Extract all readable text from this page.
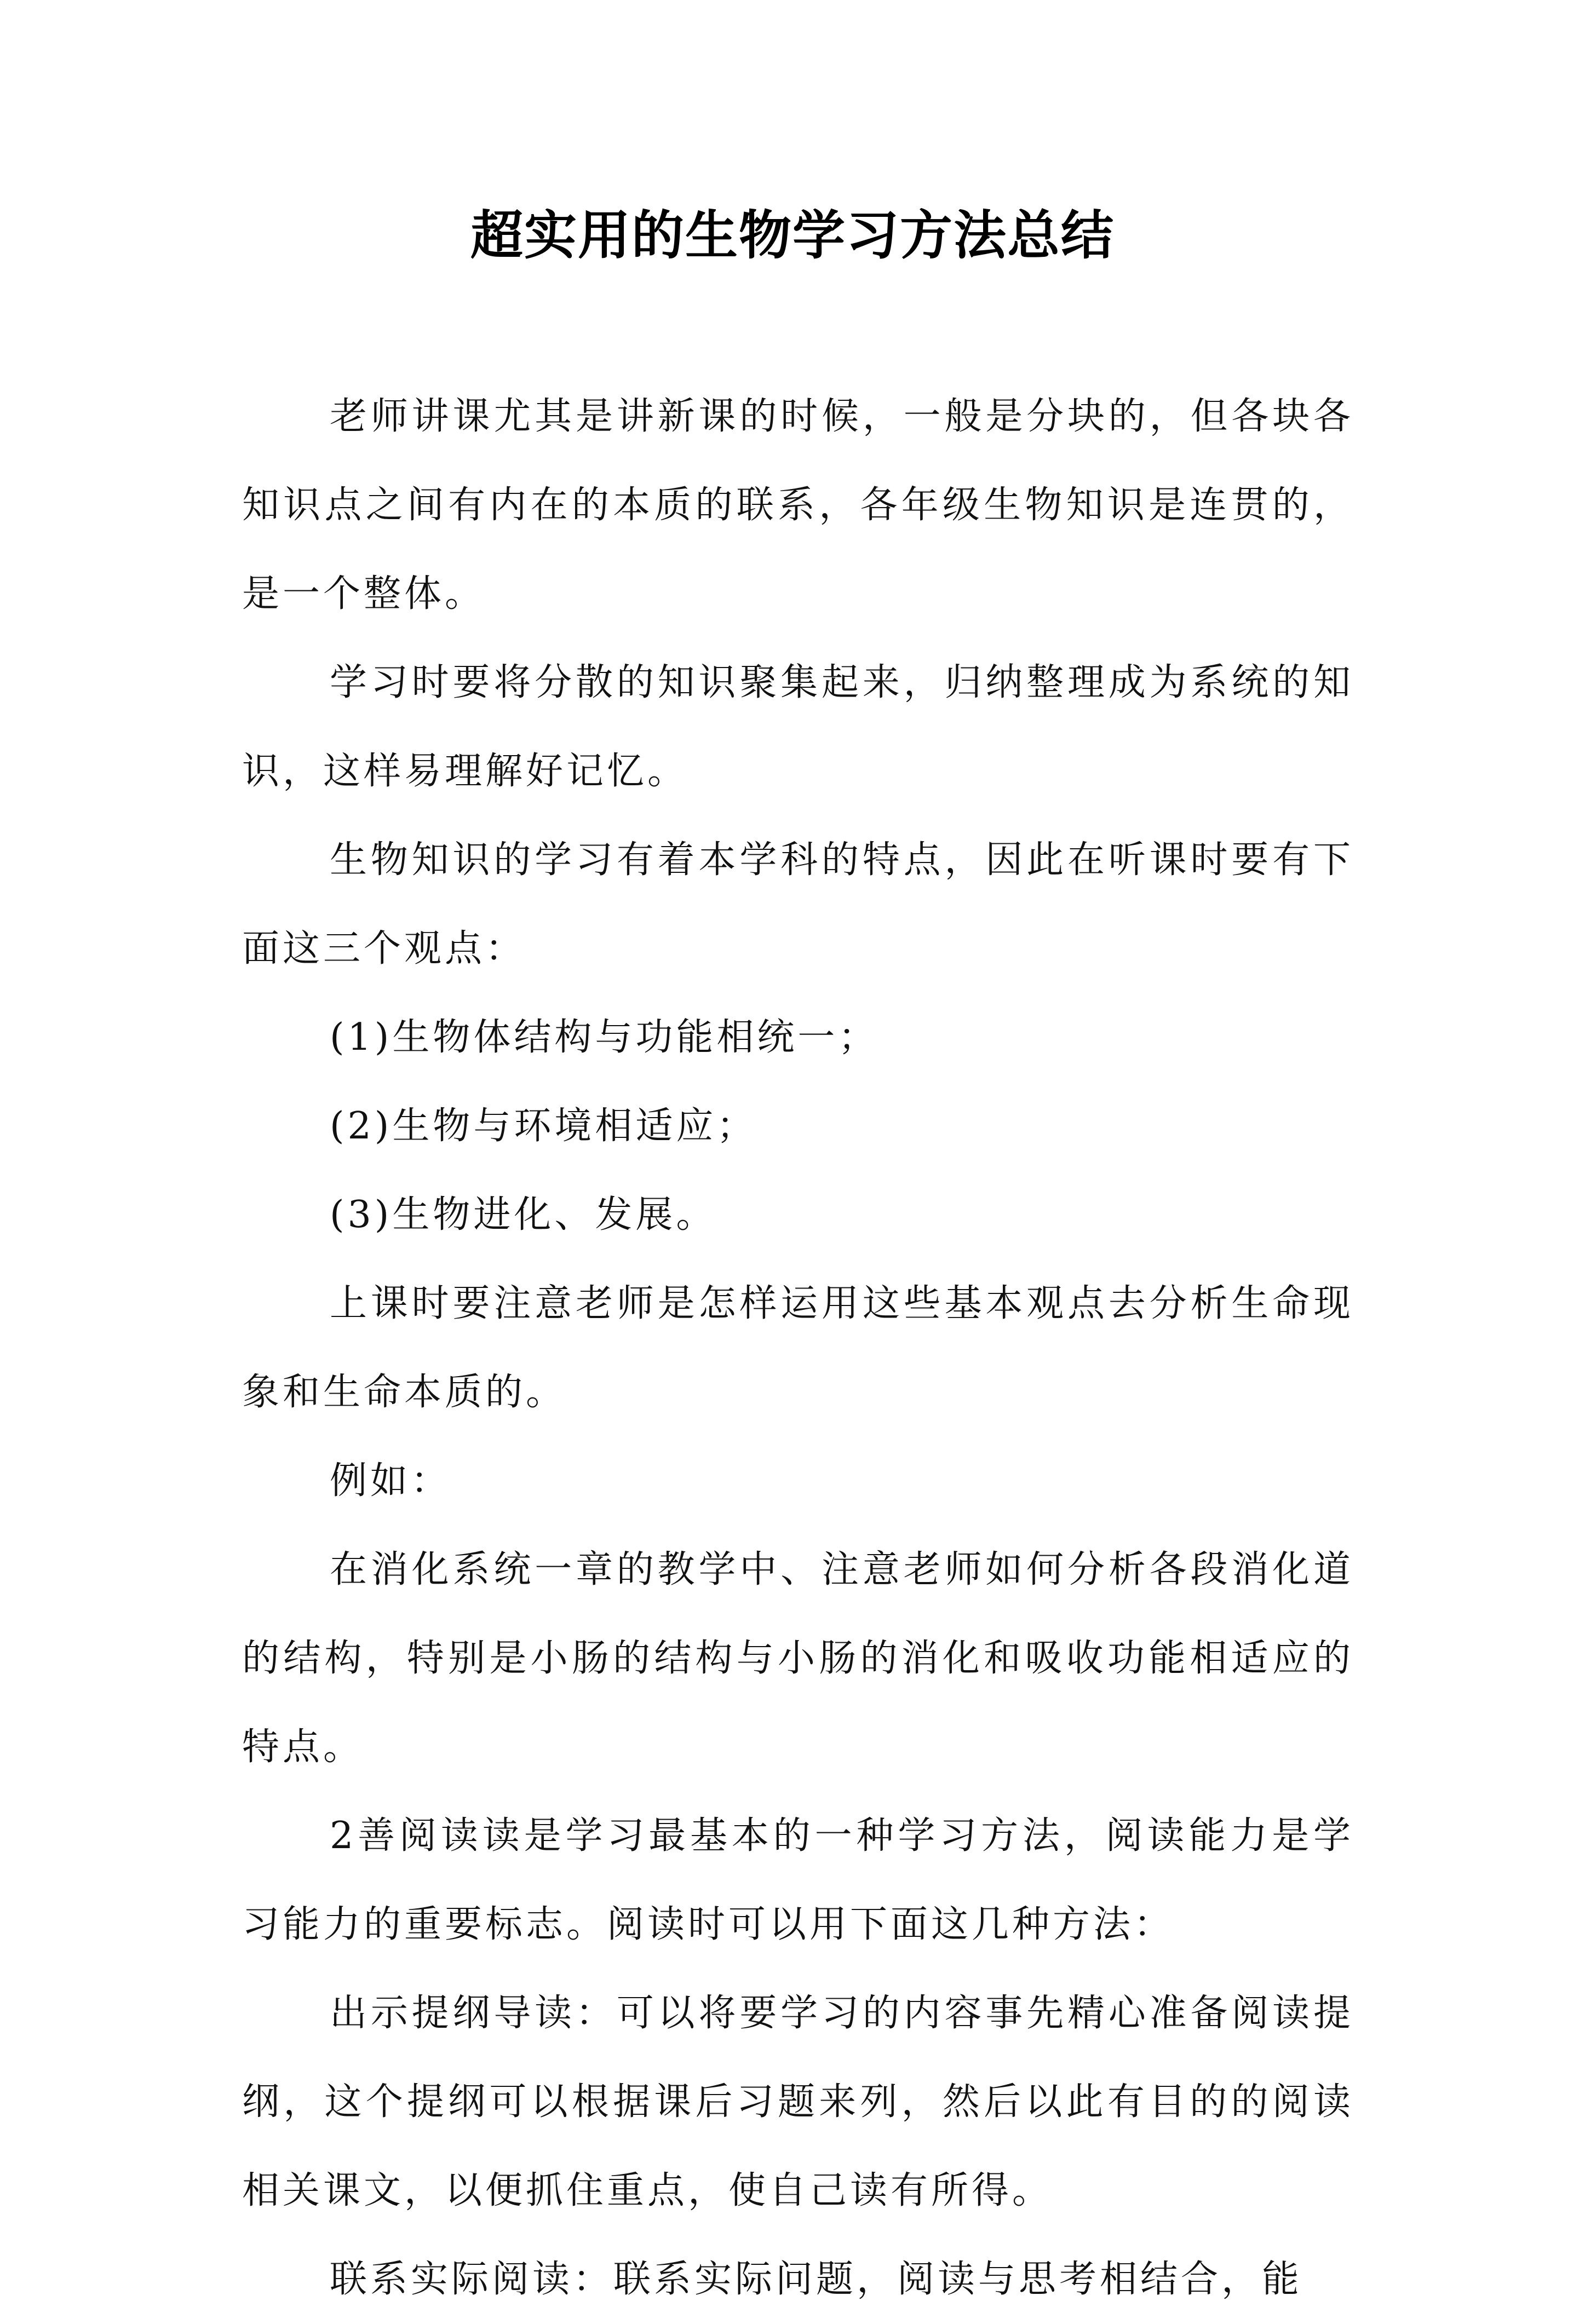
超实用的生物学习方法总结

老师讲课尤其是讲新课的时候，一般是分块的，但各块各知识点之间有内在的本质的联系，各年级生物知识是连贯的，是一个整体。

学习时要将分散的知识聚集起来，归纳整理成为系统的知识，这样易理解好记忆。

生物知识的学习有着本学科的特点，因此在听课时要有下面这三个观点：

(1)生物体结构与功能相统一；

(2)生物与环境相适应；

(3)生物进化、发展。

上课时要注意老师是怎样运用这些基本观点去分析生命现象和生命本质的。

例如：

在消化系统一章的教学中、注意老师如何分析各段消化道的结构，特别是小肠的结构与小肠的消化和吸收功能相适应的特点。

2善阅读读是学习最基本的一种学习方法，阅读能力是学习能力的重要标志。阅读时可以用下面这几种方法：

出示提纲导读：可以将要学习的内容事先精心准备阅读提纲，这个提纲可以根据课后习题来列，然后以此有目的的阅读相关课文，以便抓住重点，使自己读有所得。

联系实际阅读：联系实际问题，阅读与思考相结合，能
